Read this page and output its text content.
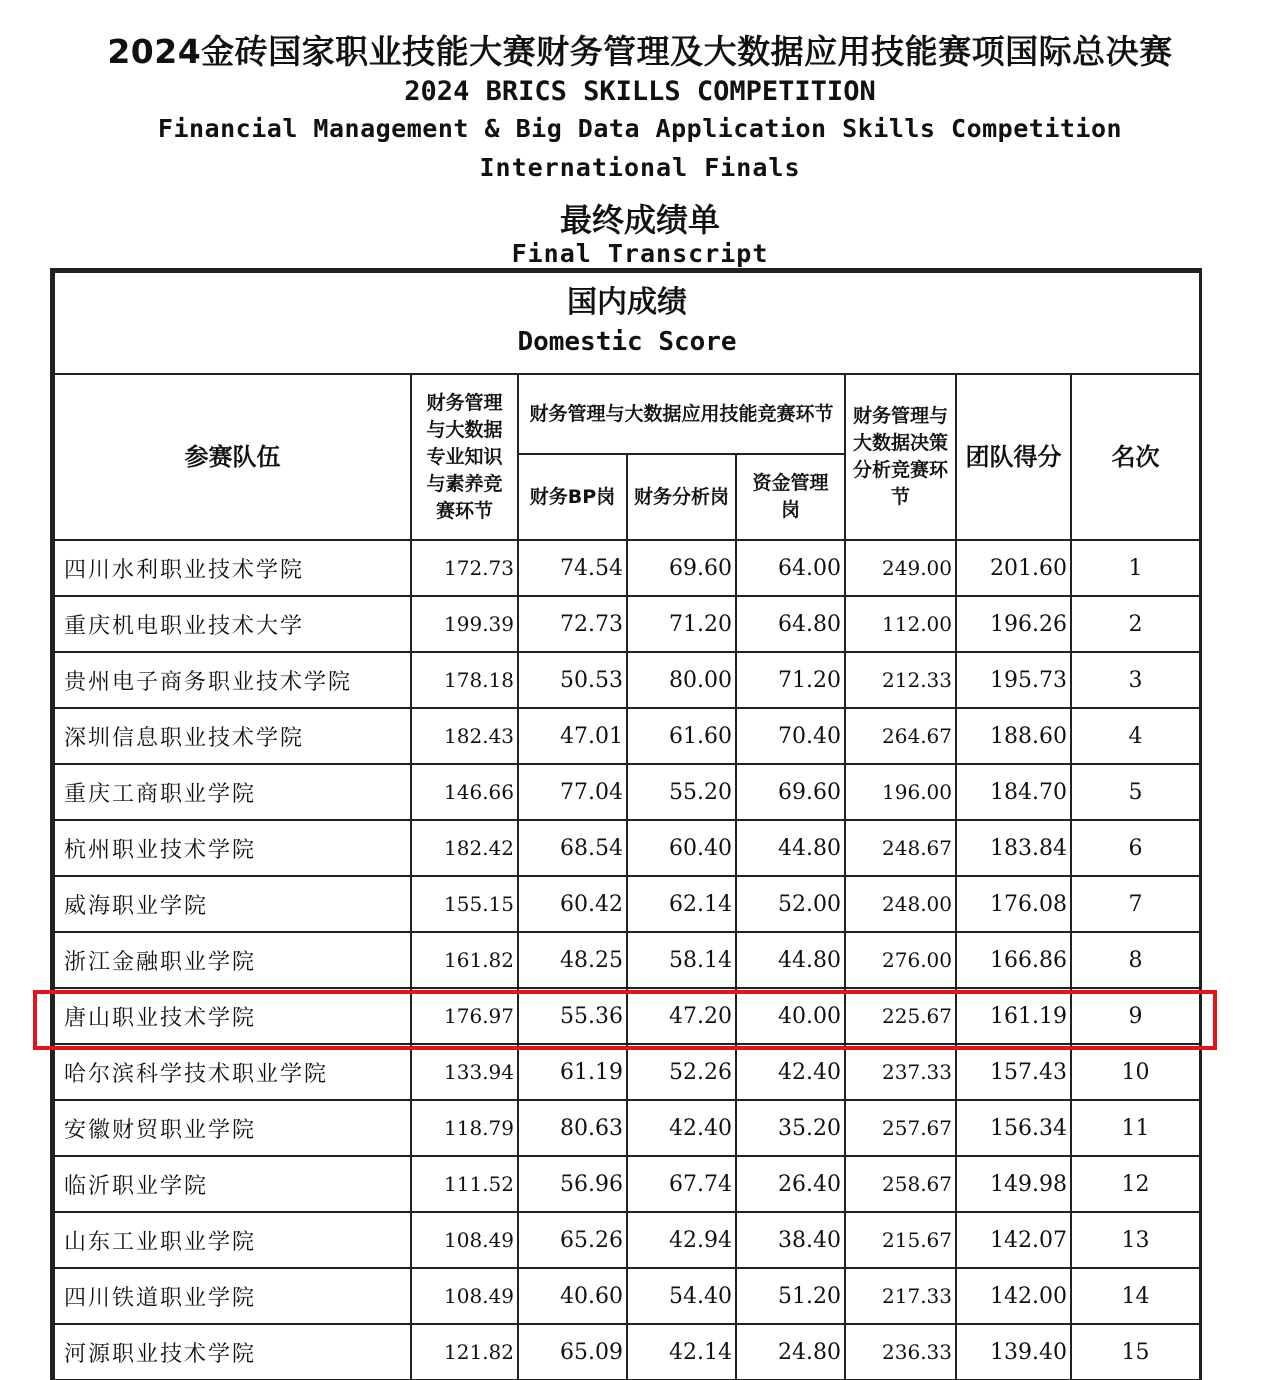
2024金砖国家职业技能大赛财务管理及大数据应用技能赛项国际总决赛
2024 BRICS SKILLS COMPETITION
Financial Management & Big Data Application Skills Competition
International Finals
最终成绩单
Final Transcript
国内成绩
Domestic Score							

参赛队伍	财务管理与大数据专业知识与素养竞赛环节	财务管理与大数据应用技能竞赛环节			财务管理与大数据决策分析竞赛环节	团队得分	名次
		财务BP岗	财务分析岗	资金管理岗			
四川水利职业技术学院	172.73	74.54	69.60	64.00	249.00	201.60	1
重庆机电职业技术大学	199.39	72.73	71.20	64.80	112.00	196.26	2
贵州电子商务职业技术学院	178.18	50.53	80.00	71.20	212.33	195.73	3
深圳信息职业技术学院	182.43	47.01	61.60	70.40	264.67	188.60	4
重庆工商职业学院	146.66	77.04	55.20	69.60	196.00	184.70	5
杭州职业技术学院	182.42	68.54	60.40	44.80	248.67	183.84	6
威海职业学院	155.15	60.42	62.14	52.00	248.00	176.08	7
浙江金融职业学院	161.82	48.25	58.14	44.80	276.00	166.86	8
唐山职业技术学院	176.97	55.36	47.20	40.00	225.67	161.19	9
哈尔滨科学技术职业学院	133.94	61.19	52.26	42.40	237.33	157.43	10
安徽财贸职业学院	118.79	80.63	42.40	35.20	257.67	156.34	11
临沂职业学院	111.52	56.96	67.74	26.40	258.67	149.98	12
山东工业职业学院	108.49	65.26	42.94	38.40	215.67	142.07	13
四川铁道职业学院	108.49	40.60	54.40	51.20	217.33	142.00	14
河源职业技术学院	121.82	65.09	42.14	24.80	236.33	139.40	15
